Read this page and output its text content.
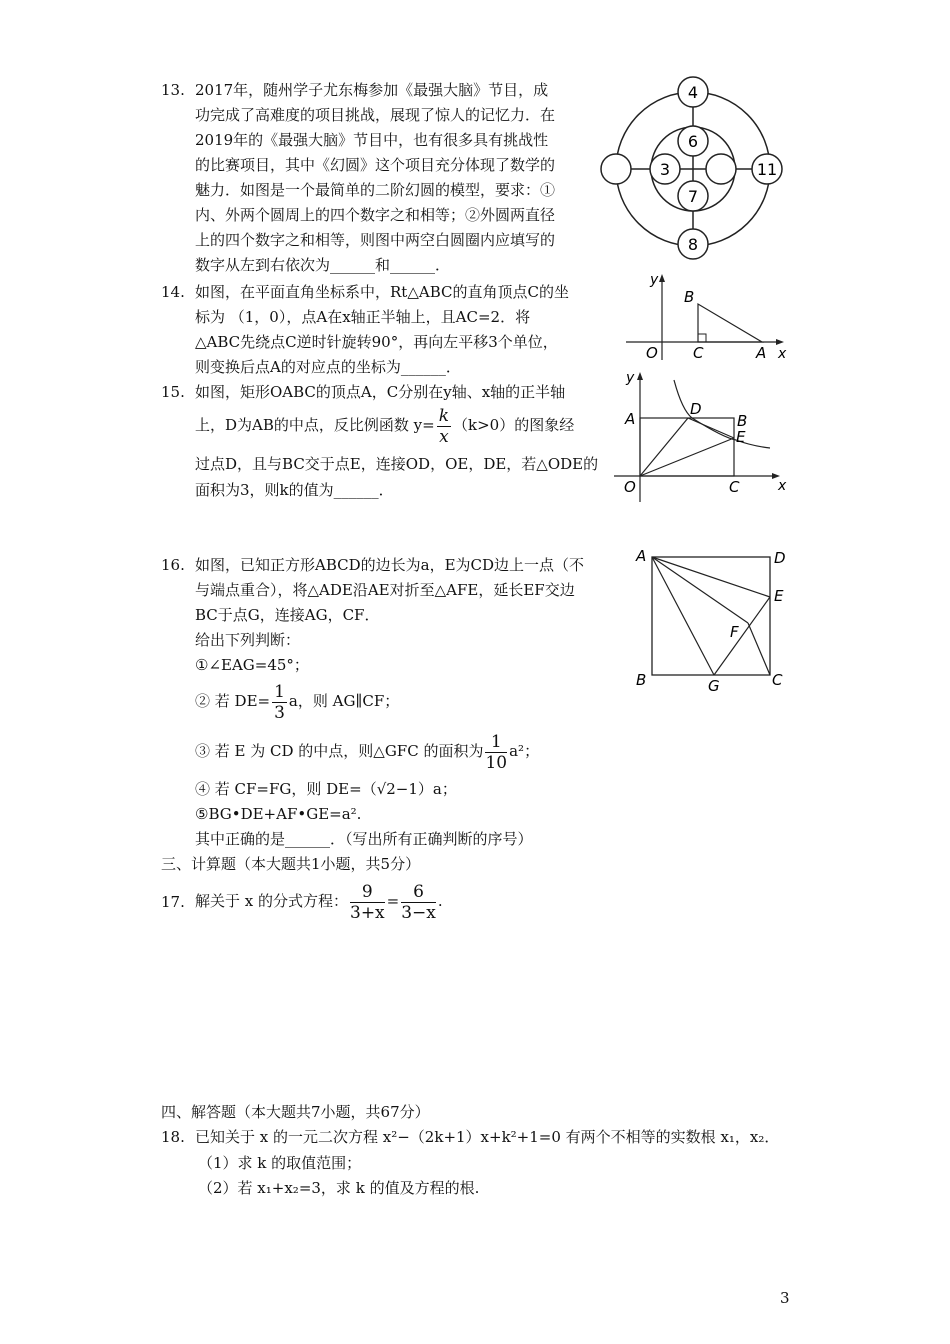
13. 2017年，随州学子尤东梅参加《最强大脑》节目，成
功完成了高难度的项目挑战，展现了惊人的记忆力．在
2019年的《最强大脑》节目中，也有很多具有挑战性
的比赛项目，其中《幻圆》这个项目充分体现了数学的
魅力．如图是一个最简单的二阶幻圆的模型，要求：①
内、外两个圆周上的四个数字之和相等；②外圆两直径
上的四个数字之和相等，则图中两空白圆圈内应填写的
数字从左到右依次为______和______．
4
6
3
7
11
8
14. 如图，在平面直角坐标系中，Rt△ABC的直角顶点C的坐
标为 （1，0），点A在x轴正半轴上，且AC=2．将
△ABC先绕点C逆时针旋转90°，再向左平移3个单位，
则变换后点A的对应点的坐标为______．
y
x
O
B
C	A
15. 如图，矩形OABC的顶点A，C分别在y轴、x轴的正半轴
上，D为AB的中点，反比例函数 $y= \frac{k}{x} (k>0)$的图象经
过点D，且与BC交于点E，连接OD，OE，DE，若△ODE的
面积为3，则k的值为______．
y
x
O
A	B
C
D
E
16. 如图，已知正方形ABCD的边长为a，E为CD边上一点（不
与端点重合），将△ADE沿AE对折至△AFE，延长EF交边
BC于点G，连接AG，CF．
给出下列判断：
①∠EAG=45°；
② 若 $DE= \frac{1}{3}$ a，则 AG∥CF；
③ 若 E 为 CD 的中点，则△GFC 的面积为 $\frac{1}{10} a^2$；
④ 若 CF=FG，则 DE=（√2−1）a；
⑤BG•DE+AF•GE=a².
其中正确的是______．（写出所有正确判断的序号）
A	D
E
F
B	G	C
三、计算题（本大题共1小题，共5分）
17. 解关于 x 的分式方程： $\frac{9}{3+x} = \frac{6}{3-x}$ .
四、解答题（本大题共7小题，共67分）
18. 已知关于 x 的一元二次方程 x²−（2k+1）x+k²+1=0 有两个不相等的实数根 x₁，x₂．
（1）求 k 的取值范围；
（2）若 x₁+x₂=3，求 k 的值及方程的根.
3
